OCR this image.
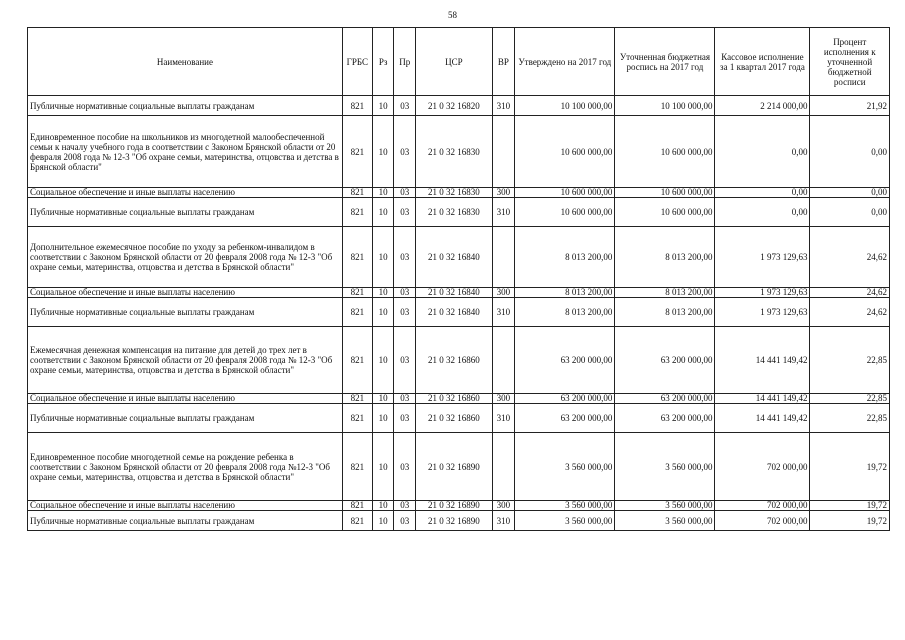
58
Наименование	ГРБС	Рз	Пр	ЦСР	ВР	Утверждено на 2017 год	Уточненная бюджетная роспись на 2017 год	Кассовое исполнение за 1 квартал 2017 года	Процент исполнения к уточненной бюджетной росписи
Публичные нормативные социальные выплаты гражданам	821	10	03	21 0 32 16820	310	10 100 000,00	10 100 000,00	2 214 000,00	21,92
Единовременное пособие на школьников из многодетной малообеспеченной семьи к началу учебного года в соответствии с Законом Брянской области от 20 февраля 2008 года № 12-3 "Об охране семьи, материнства, отцовства и детства в Брянской области"	821	10	03	21 0 32 16830		10 600 000,00	10 600 000,00	0,00	0,00
Социальное обеспечение и иные выплаты населению	821	10	03	21 0 32 16830	300	10 600 000,00	10 600 000,00	0,00	0,00
Публичные нормативные социальные выплаты гражданам	821	10	03	21 0 32 16830	310	10 600 000,00	10 600 000,00	0,00	0,00
Дополнительное ежемесячное пособие по уходу за ребенком-инвалидом в соответствии с Законом Брянской области от 20 февраля 2008 года № 12-3 "Об охране семьи, материнства, отцовства и детства в Брянской области"	821	10	03	21 0 32 16840		8 013 200,00	8 013 200,00	1 973 129,63	24,62
Социальное обеспечение и иные выплаты населению	821	10	03	21 0 32 16840	300	8 013 200,00	8 013 200,00	1 973 129,63	24,62
Публичные нормативные социальные выплаты гражданам	821	10	03	21 0 32 16840	310	8 013 200,00	8 013 200,00	1 973 129,63	24,62
Ежемесячная денежная компенсация на питание для детей до трех лет в соответствии с Законом Брянской области от 20 февраля 2008 года № 12-3 "Об охране семьи, материнства, отцовства и детства в Брянской области"	821	10	03	21 0 32 16860		63 200 000,00	63 200 000,00	14 441 149,42	22,85
Социальное обеспечение и иные выплаты населению	821	10	03	21 0 32 16860	300	63 200 000,00	63 200 000,00	14 441 149,42	22,85
Публичные нормативные социальные выплаты гражданам	821	10	03	21 0 32 16860	310	63 200 000,00	63 200 000,00	14 441 149,42	22,85
Единовременное пособие многодетной семье на рождение ребенка в соответствии с Законом Брянской области от 20 февраля 2008 года №12-3 "Об охране семьи, материнства, отцовства и детства в Брянской области"	821	10	03	21 0 32 16890		3 560 000,00	3 560 000,00	702 000,00	19,72
Социальное обеспечение и иные выплаты населению	821	10	03	21 0 32 16890	300	3 560 000,00	3 560 000,00	702 000,00	19,72
Публичные нормативные социальные выплаты гражданам	821	10	03	21 0 32 16890	310	3 560 000,00	3 560 000,00	702 000,00	19,72
